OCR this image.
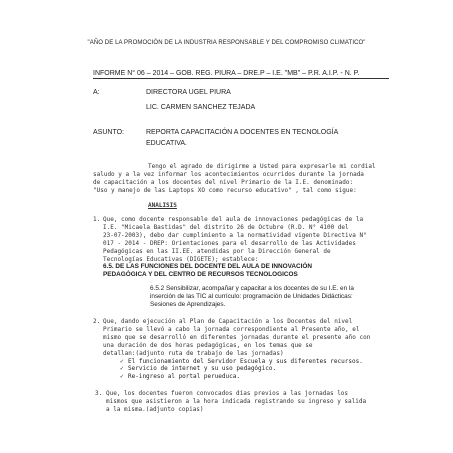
"AÑO DE LA PROMOCIÓN DE LA INDUSTRIA RESPONSABLE Y DEL COMPROMISO CLIMATICO"
INFORME N° 06 – 2014 – GOB. REG. PIURA – DRE.P – I.E. "MB" – P.R. A.I.P. - N. P.
A:	DIRECTORA UGEL PIURA
LIC. CARMEN SANCHEZ TEJADA
ASUNTO:	REPORTA CAPACITACIÓN A DOCENTES EN TECNOLOGÍA
EDUCATIVA.
Tengo el agrado de dirigirme a Usted para expresarle mi cordial
saludo y a la vez informar los acontecimientos ocurridos durante la jornada
de capacitación a los docentes del nivel Primario de la I.E. denominado:
"Uso y manejo de las Laptops XO como recurso educativo" , tal como sigue:
ANALISIS
1. Que, como docente responsable del aula de innovaciones pedagógicas de la
I.E. "Micaela Bastidas" del distrito 26 de Octubre (R.D. N° 4100 del
23-07-2003), debo dar cumplimiento a la normatividad vigente Directiva N°
017 - 2014 - DREP: Orientaciones para el desarrollo de las Actividades
Pedagógicas en las II.EE. atendidas por la Dirección General de
Tecnologías Educativas (DIGETE); establece:
6.5. DE LAS FUNCIONES DEL DOCENTE DEL AULA DE INNOVACIÓN
PEDAGÓGICA Y DEL CENTRO DE RECURSOS TECNOLOGICOS
6.5.2 Sensibilizar, acompañar y capacitar a los docentes de su I.E. en la
inserción de las TIC al currículo: programación de Unidades Didácticas:
Sesiones de Aprendizajes.
2. Que, dando ejecución al Plan de Capacitación a los Docentes del nivel
Primario se llevó a cabo la jornada correspondiente al Presente año, el
mismo que se desarrolló en diferentes jornadas durante el presente año con
una duración de dos horas pedagógicas, en los temas que se
detallan:(adjunto ruta de trabajo de las jornadas)
✓ El funcionamiento del Servidor Escuela y sus diferentes recursos.
✓ Servicio de internet y su uso pedagógico.
✓ Re-ingreso al portal perueduca.
3. Que, los docentes fueron convocados días previos a las jornadas los
mismos que asistieron a la hora indicada registrando su ingreso y salida
a la misma.(adjunto copias)
